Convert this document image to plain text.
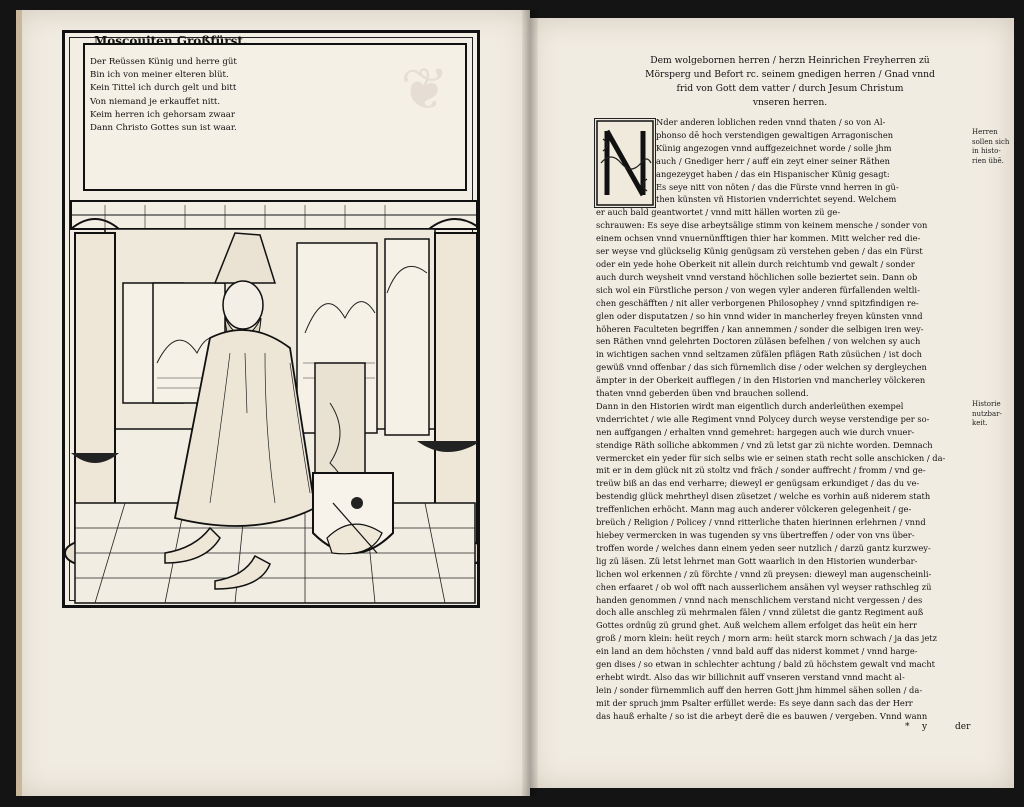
❦
Moscouiten Großfürst.
Der Reüssen Künig und herre güt
Bin ich von meiner elteren blüt.
Kein Tittel ich durch gelt und bitt
Von niemand je erkauffet nitt.
Keim herren ich gehorsam zwaar
Dann Christo Gottes sun ist waar.
Dem wolgebornen herren / herzn Heinrichen Freyherren zü
Mörsperg und Befort rc. seinem gnedigen herren / Gnad vnnd
frid von Gott dem vatter / durch Jesum Christum
vnseren herren.
Nder anderen loblichen reden vnnd thaten / so von Al-
phonso dē hoch verstendigen gewaltigen Arragonischen
Künig angezogen vnnd auffgezeichnet worde / solle jhm
auch / Gnediger herr / auff ein zeyt einer seiner Räthen
angezeyget haben / das ein Hispanischer Künig gesagt:
Es seye nitt von nöten / das die Fürste vnnd herren in gü-
then künsten vñ Historien vnderrichtet seyend. Welchem
er auch bald geantwortet / vnnd mitt hällen worten zü ge-
schrauwen: Es seye dise arbeytsälige stimm von keinem mensche / sonder von
einem ochsen vnnd vnuernünfftigen thier har kommen. Mitt welcher red die-
ser weyse vnd glückselig Künig genügsam zü verstehen geben / das ein Fürst
oder ein yede hohe Oberkeit nit allein durch reichtumb vnd gewalt / sonder
auch durch weysheit vnnd verstand höchlichen solle beziertet sein. Dann ob
sich wol ein Fürstliche person / von wegen vyler anderen fürfallenden weltli-
chen geschäfften / nit aller verborgenen Philosophey / vnnd spitzfindigen re-
glen oder disputatzen / so hin vnnd wider in mancherley freyen künsten vnnd
höheren Faculteten begriffen / kan annemmen / sonder die selbigen iren wey-
sen Räthen vnnd gelehrten Doctoren züläsen befelhen / von welchen sy auch
in wichtigen sachen vnnd seltzamen züfälen pflägen Rath züsüchen / ist doch
gewüß vnnd offenbar / das sich fürnemlich dise / oder welchen sy dergleychen
ämpter in der Oberkeit aufflegen / in den Historien vnd mancherley völckeren
thaten vnnd geberden üben vnd brauchen sollend.
Dann in den Historien wirdt man eigentlich durch anderleüthen exempel
vnderrichtet / wie alle Regiment vnnd Polycey durch weyse verstendige per so-
nen auffgangen / erhalten vnnd gemehret: hargegen auch wie durch vnuer-
stendige Räth solliche abkommen / vnd zü letst gar zü nichte worden. Demnach
vermercket ein yeder für sich selbs wie er seinen stath recht solle anschicken / da-
mit er in dem glück nit zü stoltz vnd fräch / sonder auffrecht / fromm / vnd ge-
treüw biß an das end verharre; dieweyl er genügsam erkundiget / das du ve-
bestendig glück mehrtheyl disen züsetzet / welche es vorhin auß niderem stath
treffenlichen erhöcht. Mann mag auch anderer völckeren gelegenheit / ge-
breüch / Religion / Policey / vnnd ritterliche thaten hierinnen erlehrnen / vnnd
hiebey vermercken in was tugenden sy vns übertreffen / oder von vns über-
troffen worde / welches dann einem yeden seer nutzlich / darzü gantz kurzwey-
lig zü läsen. Zü letst lehrnet man Gott waarlich in den Historien wunderbar-
lichen wol erkennen / zü förchte / vnnd zü preysen: dieweyl man augenscheinli-
chen erfaaret / ob wol offt nach ausserlichem ansähen vyl weyser rathschleg zü
handen genommen / vnnd nach menschlichem verstand nicht vergessen / des
doch alle anschleg zü mehrmalen fälen / vnnd zületst die gantz Regiment auß
Gottes ordnüg zü grund ghet. Auß welchem allem erfolget das heüt ein herr
groß / morn klein: heüt reych / morn arm: heüt starck morn schwach / ja das jetz
ein land an dem höchsten / vnnd bald auff das niderst kommet / vnnd harge-
gen dises / so etwan in schlechter achtung / bald zü höchstem gewalt vnd macht
erhebt wirdt. Also das wir billichnit auff vnseren verstand vnnd macht al-
lein / sonder fürnemmlich auff den herren Gott jhm himmel sähen sollen / da-
mit der spruch jmm Psalter erfüllet werde: Es seye dann sach das der Herr
das hauß erhalte / so ist die arbeyt derē die es bauwen / vergeben. Vnnd wann
Herren
sollen sich
in histo-
rien übē.
Historie
nutzbar-
keit.
* y	der
